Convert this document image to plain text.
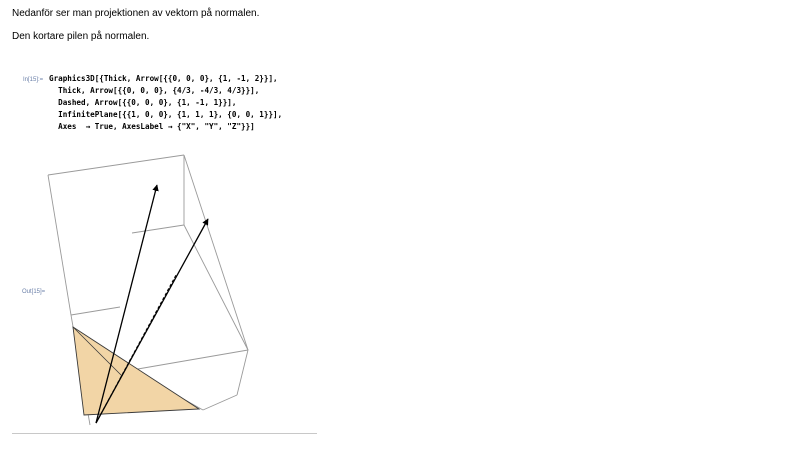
Nedanför ser man projektionen av vektorn på normalen.
Den kortare pilen på normalen.
In[15]:= Graphics3D[{Thick, Arrow[{{0, 0, 0}, {1, -1, 2}}],
Thick, Arrow[{{0, 0, 0}, {4/3, -4/3, 4/3}}],
Dashed, Arrow[{{0, 0, 0}, {1, -1, 1}}],
InfinitePlane[{{1, 0, 0}, {1, 1, 1}, {0, 0, 1}}],
Axes  → True, AxesLabel → {"X", "Y", "Z"}}]
Out[15]=
